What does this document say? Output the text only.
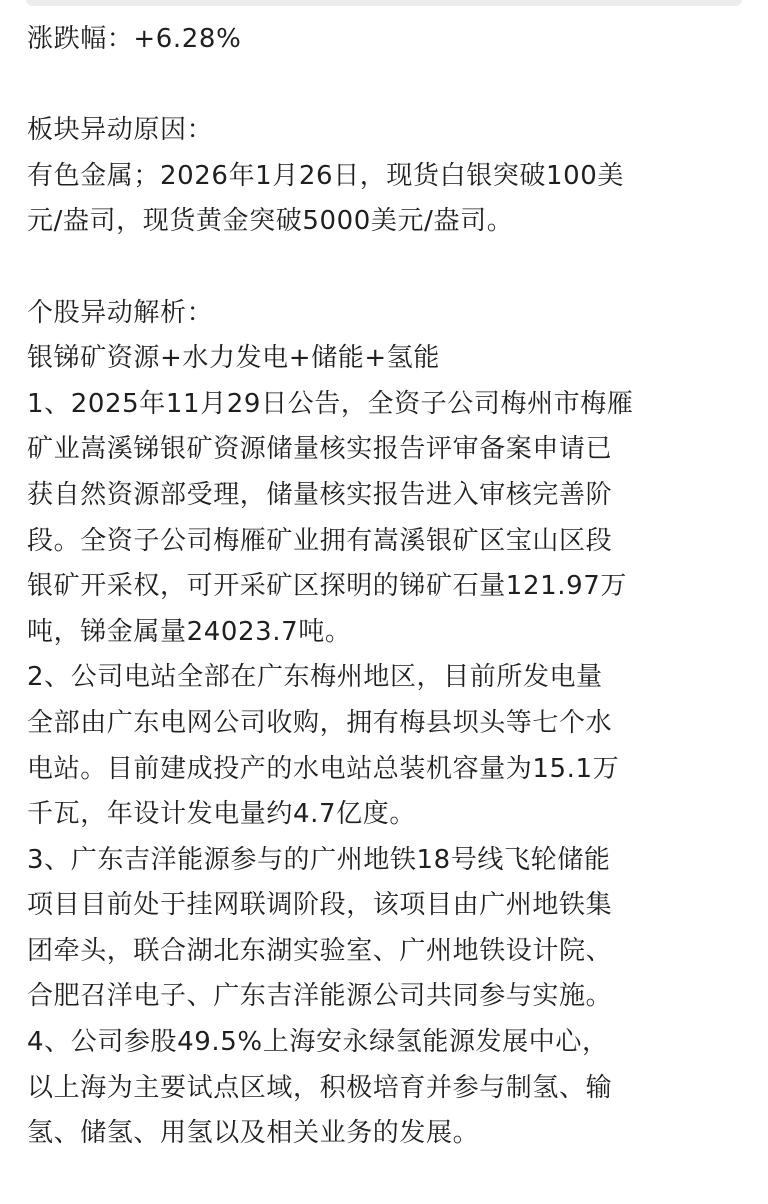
涨跌幅：+6.28%
板块异动原因：
有色金属；2026年1月26日，现货白银突破100美
元/盎司，现货黄金突破5000美元/盎司。
个股异动解析：
银锑矿资源+水力发电+储能+氢能
1、2025年11月29日公告，全资子公司梅州市梅雁
矿业嵩溪锑银矿资源储量核实报告评审备案申请已
获自然资源部受理，储量核实报告进入审核完善阶
段。全资子公司梅雁矿业拥有嵩溪银矿区宝山区段
银矿开采权，可开采矿区探明的锑矿石量121.97万
吨，锑金属量24023.7吨。
2、公司电站全部在广东梅州地区，目前所发电量
全部由广东电网公司收购，拥有梅县坝头等七个水
电站。目前建成投产的水电站总装机容量为15.1万
千瓦，年设计发电量约4.7亿度。
3、广东吉洋能源参与的广州地铁18号线飞轮储能
项目目前处于挂网联调阶段，该项目由广州地铁集
团牵头，联合湖北东湖实验室、广州地铁设计院、
合肥召洋电子、广东吉洋能源公司共同参与实施。
4、公司参股49.5%上海安永绿氢能源发展中心，
以上海为主要试点区域，积极培育并参与制氢、输
氢、储氢、用氢以及相关业务的发展。
